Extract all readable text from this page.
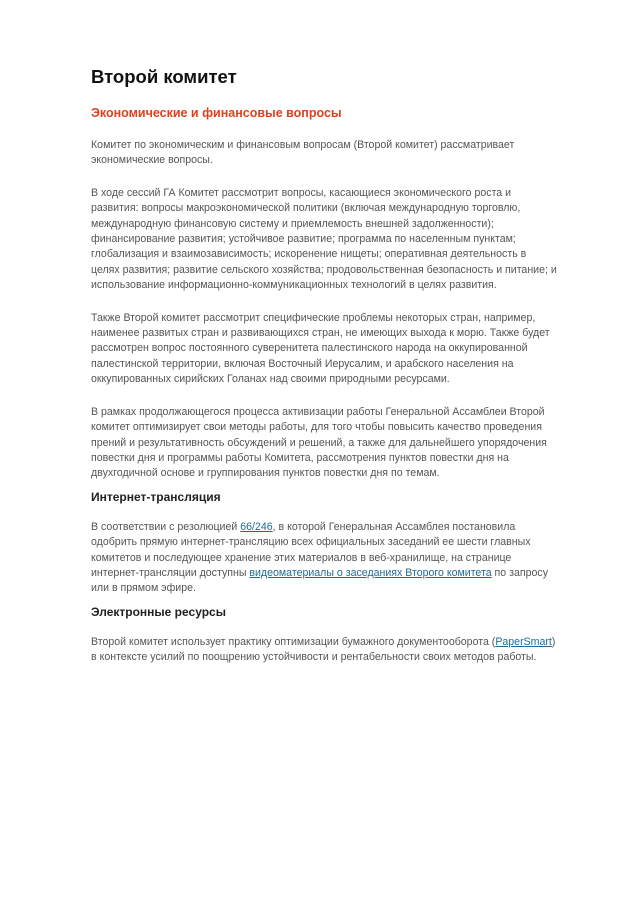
Второй комитет
Экономические и финансовые вопросы

Комитет по экономическим и финансовым вопросам (Второй комитет) рассматривает экономические вопросы.

В ходе сессий ГА Комитет рассмотрит вопросы, касающиеся экономического роста и развития: вопросы макроэкономической политики (включая международную торговлю, международную финансовую систему и приемлемость внешней задолженности); финансирование развития; устойчивое развитие; программа по населенным пунктам; глобализация и взаимозависимость; искоренение нищеты; оперативная деятельность в целях развития; развитие сельского хозяйства; продовольственная безопасность и питание; и использование информационно-коммуникационных технологий в целях развития.

Также Второй комитет рассмотрит специфические проблемы некоторых стран, например, наименее развитых стран и развивающихся стран, не имеющих выхода к морю. Также будет рассмотрен вопрос постоянного суверенитета палестинского народа на оккупированной палестинской территории, включая Восточный Иерусалим, и арабского населения на оккупированных сирийских Голанах над своими природными ресурсами.

В рамках продолжающегося процесса активизации работы Генеральной Ассамблеи Второй комитет оптимизирует свои методы работы, для того чтобы повысить качество проведения прений и результативность обсуждений и решений, а также для дальнейшего упорядочения повестки дня и программы работы Комитета, рассмотрения пунктов повестки дня на двухгодичной основе и группирования пунктов повестки дня по темам.

Интернет-трансляция

В соответствии с резолюцией 66/246, в которой Генеральная Ассамблея постановила одобрить прямую интернет-трансляцию всех официальных заседаний ее шести главных комитетов и последующее хранение этих материалов в веб-хранилище, на странице интернет-трансляции доступны видеоматериалы о заседаниях Второго комитета по запросу или в прямом эфире.

Электронные ресурсы

Второй комитет использует практику оптимизации бумажного документооборота (PaperSmart) в контексте усилий по поощрению устойчивости и рентабельности своих методов работы.
